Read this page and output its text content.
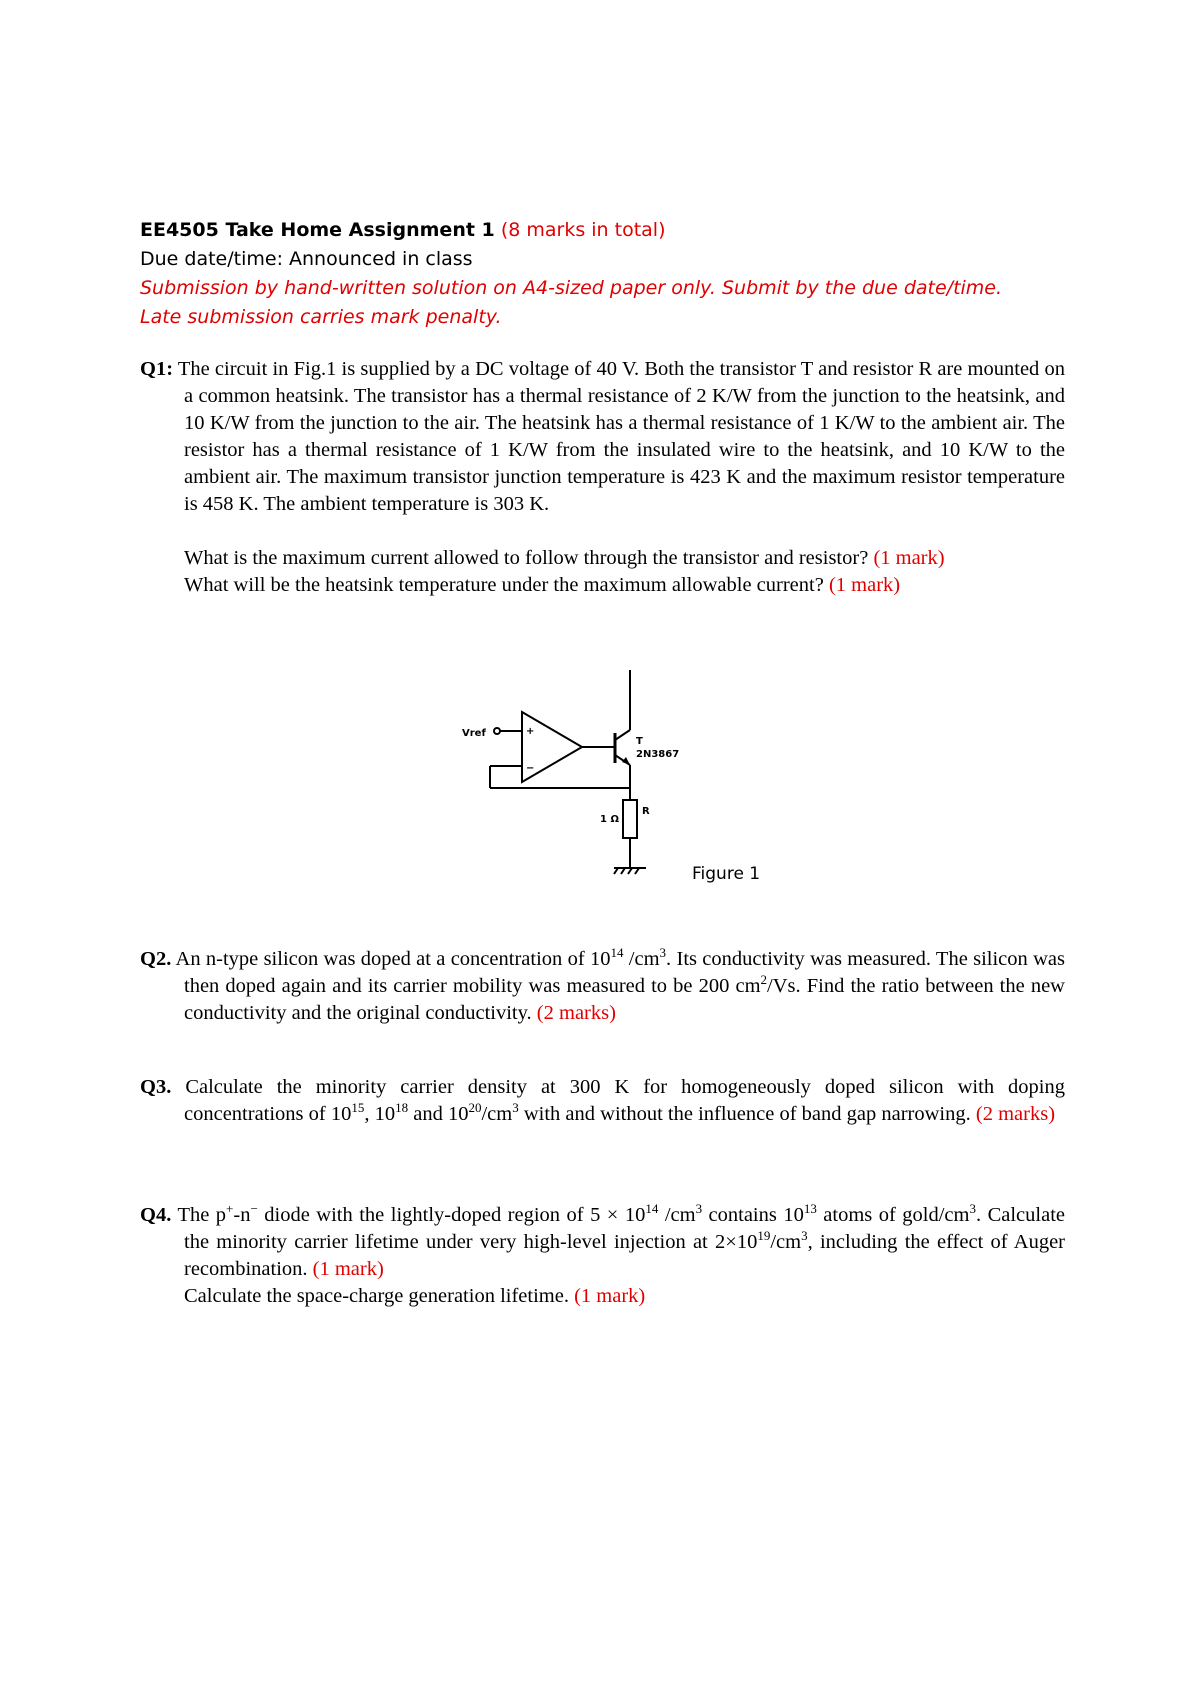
EE4505 Take Home Assignment 1 (8 marks in total)
Due date/time: Announced in class
Submission by hand-written solution on A4-sized paper only. Submit by the due date/time.
Late submission carries mark penalty.

Q1: The circuit in Fig.1 is supplied by a DC voltage of 40 V. Both the transistor T and resistor R are mounted on a common heatsink. The transistor has a thermal resistance of 2 K/W from the junction to the heatsink, and 10 K/W from the junction to the air. The heatsink has a thermal resistance of 1 K/W to the ambient air. The resistor has a thermal resistance of 1 K/W from the insulated wire to the heatsink, and 10 K/W to the ambient air. The maximum transistor junction temperature is 423 K and the maximum resistor temperature is 458 K. The ambient temperature is 303 K.

What is the maximum current allowed to follow through the transistor and resistor? (1 mark)

What will be the heatsink temperature under the maximum allowable current? (1 mark)

Vref	+
−
T
2N3867
1 Ω
R
Figure 1

Q2. An n-type silicon was doped at a concentration of $10^{14}$ $/cm^3$. Its conductivity was measured. The silicon was then doped again and its carrier mobility was measured to be 200 $cm^2/Vs$. Find the ratio between the new conductivity and the original conductivity. (2 marks)

Q3. Calculate the minority carrier density at 300 K for homogeneously doped silicon with doping concentrations of $10^{15}$, $10^{18}$ and $10^{20}/cm^3$ with and without the influence of band gap narrowing. (2 marks)

Q4. The p+-n− diode with the lightly-doped region of $5 \times 10^{14}$ $/cm^3$ contains $10^{13}$ atoms of gold/$cm^3$. Calculate the minority carrier lifetime under very high-level injection at $2\times 10^{19}/cm^3$, including the effect of Auger recombination. (1 mark)

Calculate the space-charge generation lifetime. (1 mark)
